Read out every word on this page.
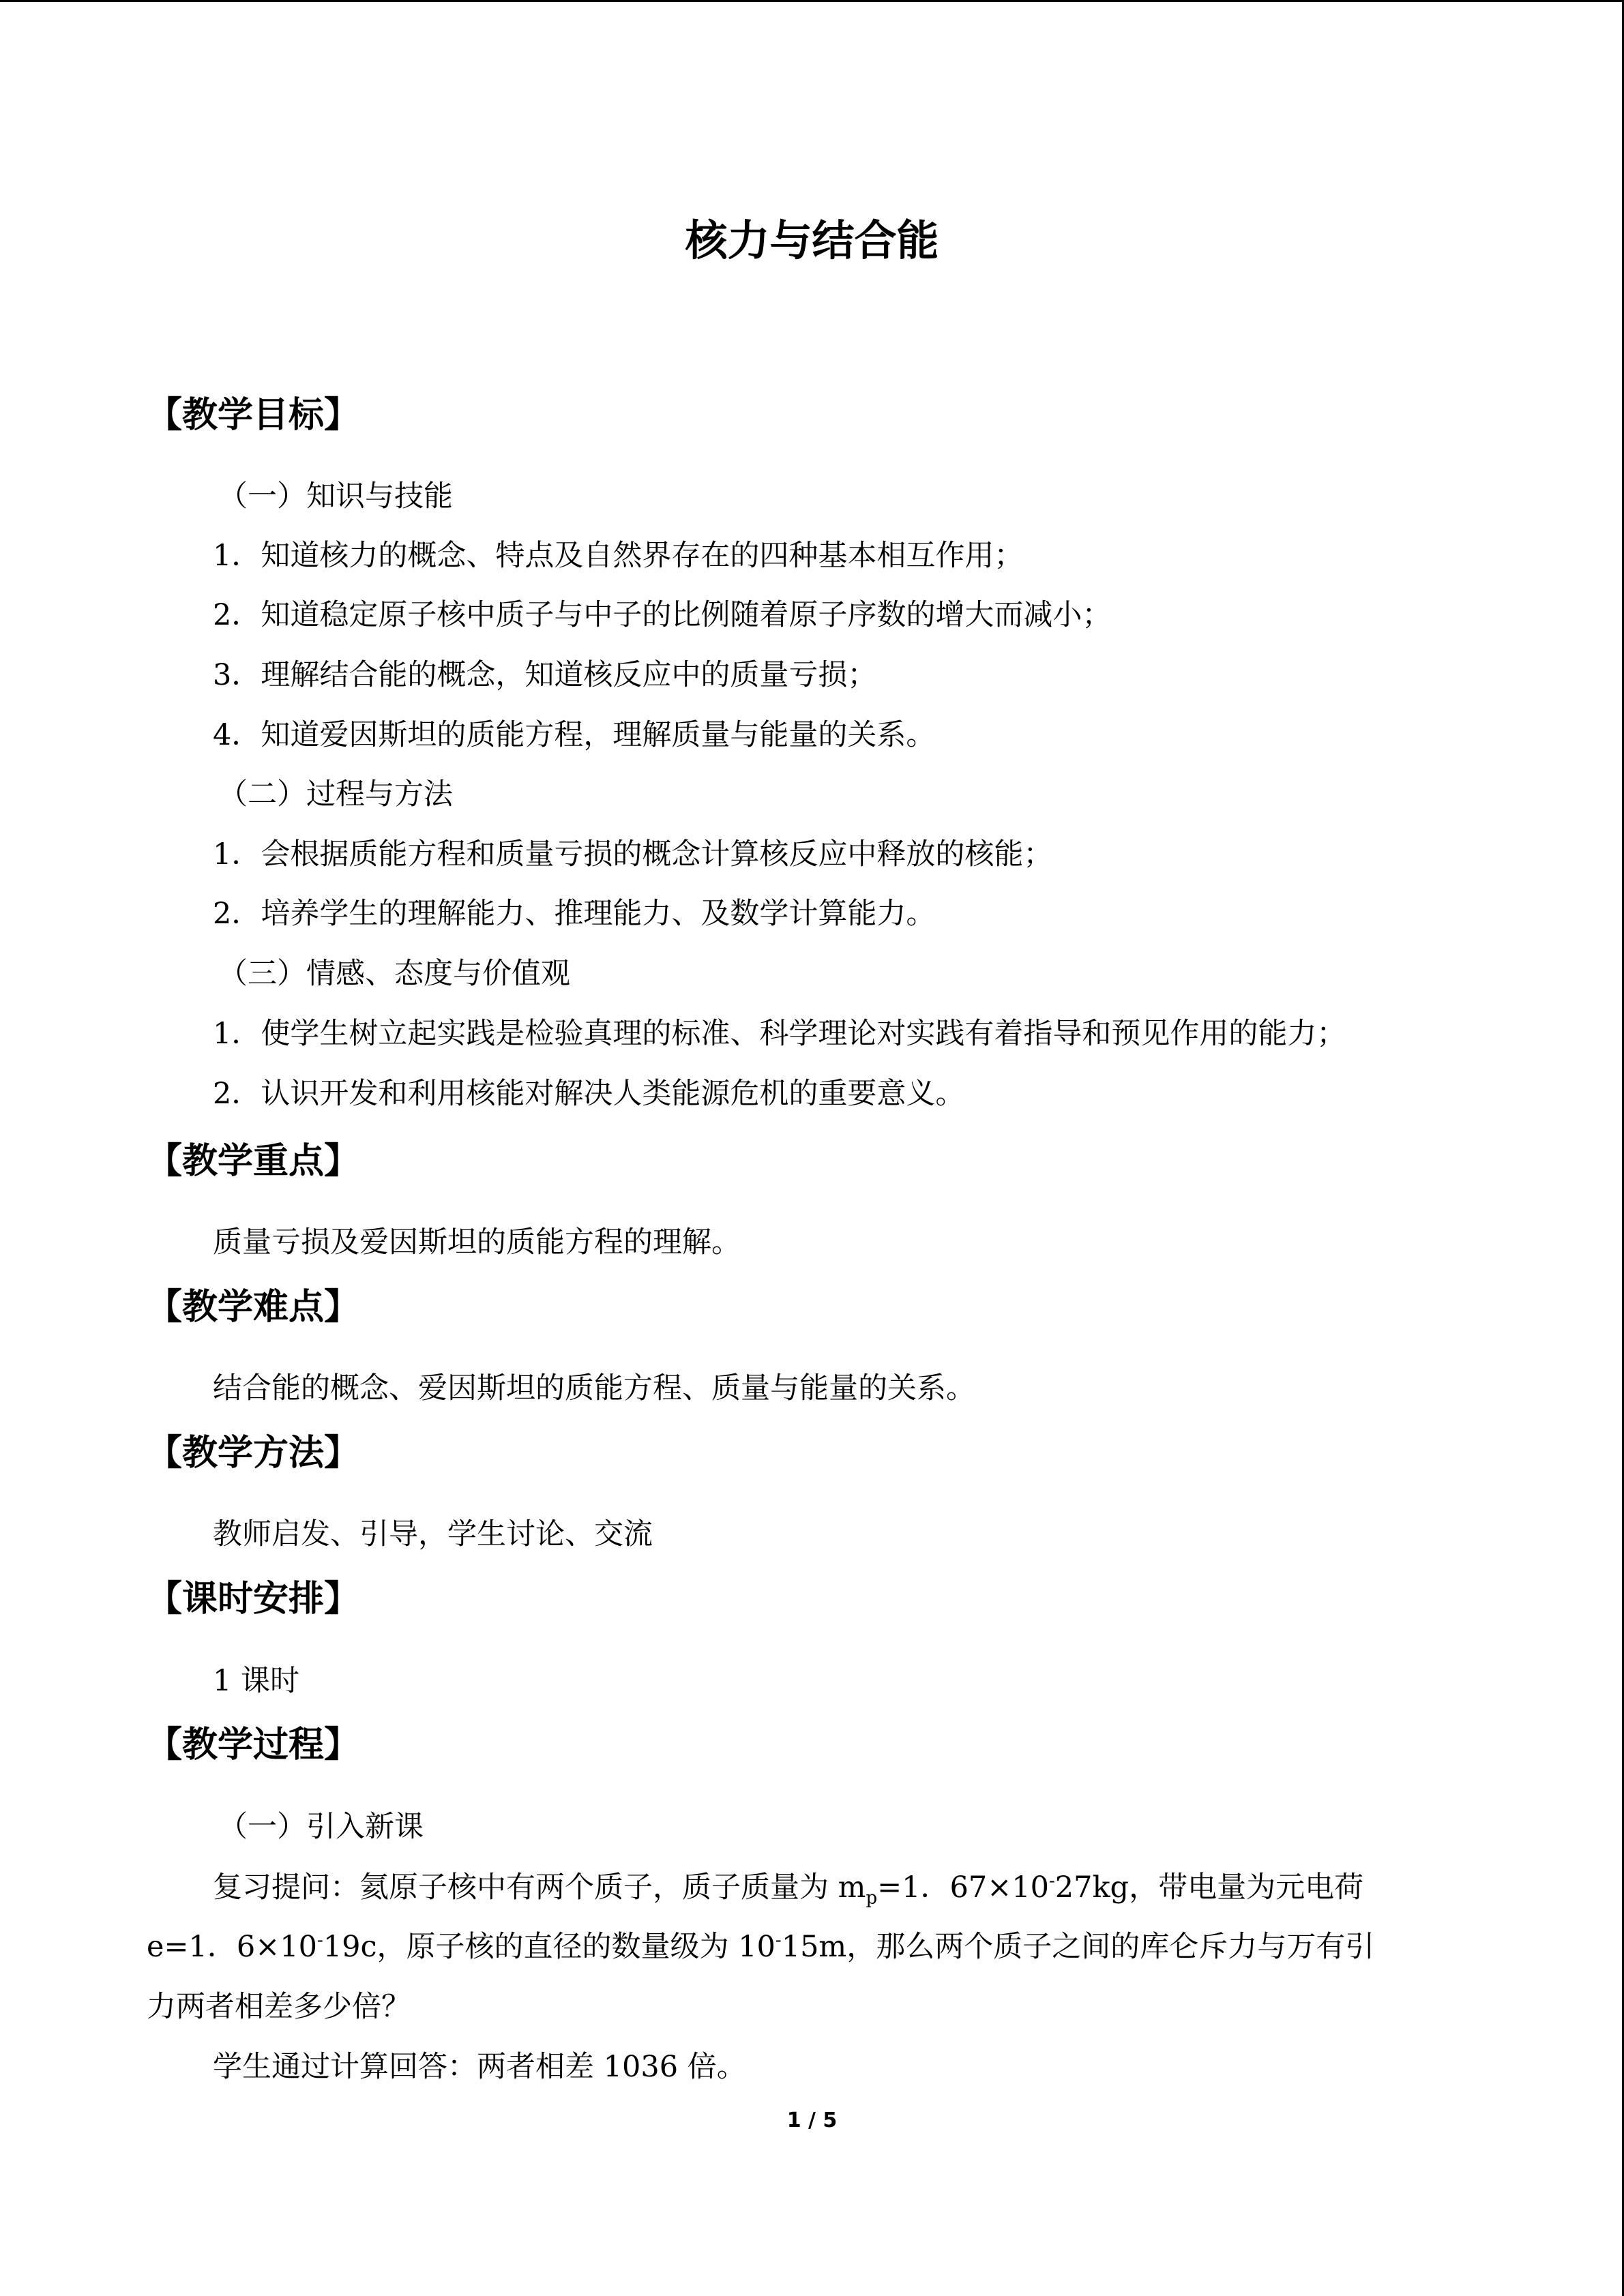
核力与结合能
【教学目标】

（一）知识与技能

1．知道核力的概念、特点及自然界存在的四种基本相互作用；

2．知道稳定原子核中质子与中子的比例随着原子序数的增大而减小；

3．理解结合能的概念，知道核反应中的质量亏损；

4．知道爱因斯坦的质能方程，理解质量与能量的关系。

（二）过程与方法

1．会根据质能方程和质量亏损的概念计算核反应中释放的核能；

2．培养学生的理解能力、推理能力、及数学计算能力。

（三）情感、态度与价值观

1．使学生树立起实践是检验真理的标准、科学理论对实践有着指导和预见作用的能力；

2．认识开发和利用核能对解决人类能源危机的重要意义。

【教学重点】

质量亏损及爱因斯坦的质能方程的理解。

【教学难点】

结合能的概念、爱因斯坦的质能方程、质量与能量的关系。

【教学方法】

教师启发、引导，学生讨论、交流

【课时安排】

1 课时

【教学过程】

（一）引入新课

复习提问：氦原子核中有两个质子，质子质量为 $m_p=1$．67×10-27kg，带电量为元电荷

e=1．6×10-19c，原子核的直径的数量级为 10-15m，那么两个质子之间的库仑斥力与万有引

力两者相差多少倍？

学生通过计算回答：两者相差 1036 倍。

1 / 5
